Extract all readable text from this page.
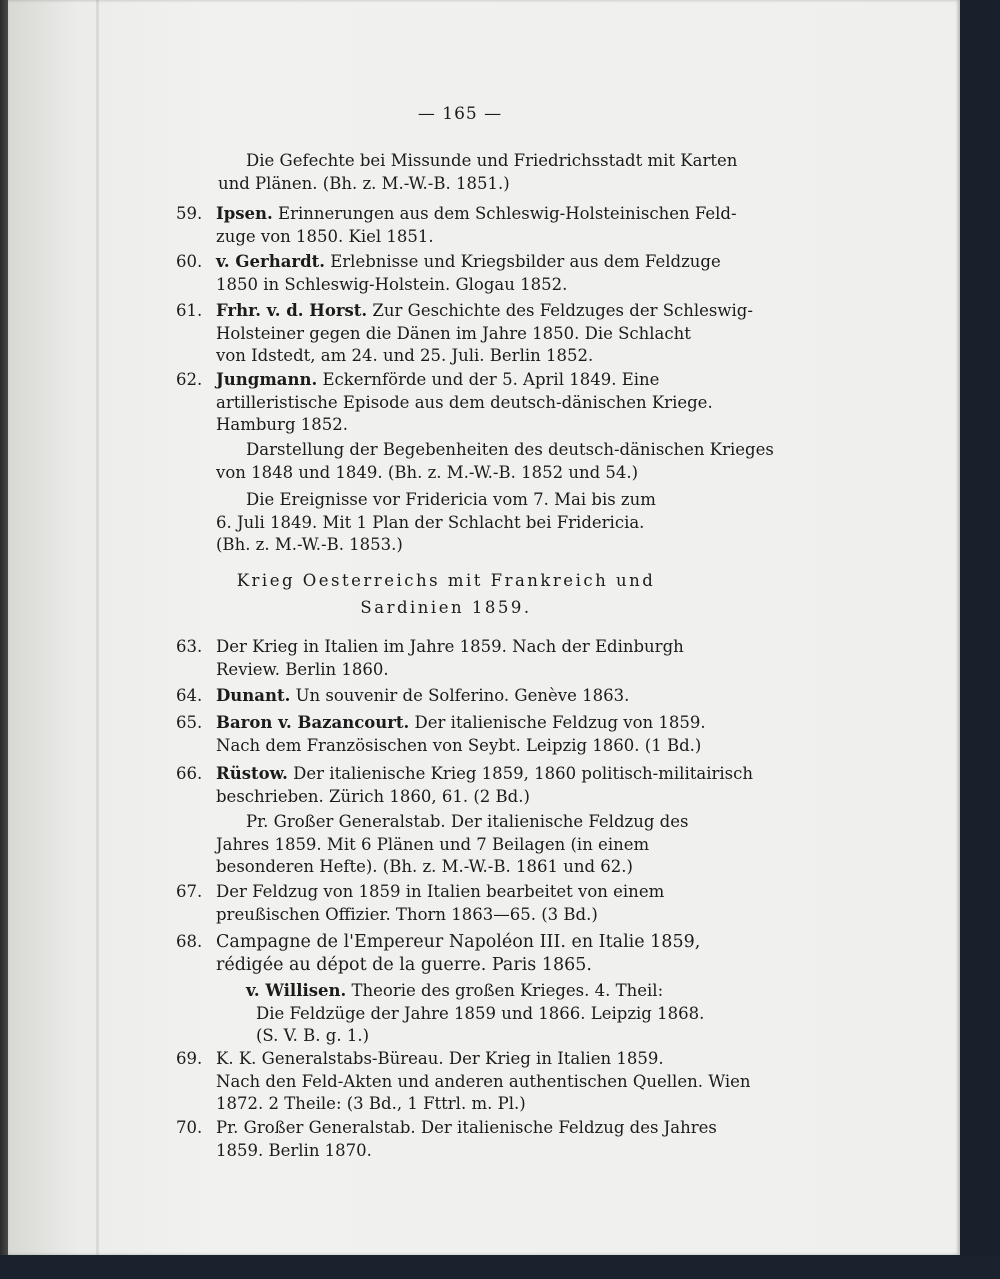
— 165 —
Die Gefechte bei Missunde und Friedrichsstadt mit Karten
und Plänen. (Bh. z. M.-W.-B. 1851.)
59. Ipsen. Erinnerungen aus dem Schleswig-Holsteinischen Feld-
zuge von 1850. Kiel 1851.
60. v. Gerhardt. Erlebnisse und Kriegsbilder aus dem Feldzuge
1850 in Schleswig-Holstein. Glogau 1852.
61. Frhr. v. d. Horst. Zur Geschichte des Feldzuges der Schleswig-
Holsteiner gegen die Dänen im Jahre 1850. Die Schlacht
von Idstedt, am 24. und 25. Juli. Berlin 1852.
62. Jungmann. Eckernförde und der 5. April 1849. Eine
artilleristische Episode aus dem deutsch-dänischen Kriege.
Hamburg 1852.
Darstellung der Begebenheiten des deutsch-dänischen Krieges
von 1848 und 1849. (Bh. z. M.-W.-B. 1852 und 54.)
Die Ereignisse vor Fridericia vom 7. Mai bis zum
6. Juli 1849. Mit 1 Plan der Schlacht bei Fridericia.
(Bh. z. M.-W.-B. 1853.)
Krieg Oesterreichs mit Frankreich und
Sardinien 1859.
63. Der Krieg in Italien im Jahre 1859. Nach der Edinburgh
Review. Berlin 1860.
64. Dunant. Un souvenir de Solferino. Genève 1863.
65. Baron v. Bazancourt. Der italienische Feldzug von 1859.
Nach dem Französischen von Seybt. Leipzig 1860. (1 Bd.)
66. Rüstow. Der italienische Krieg 1859, 1860 politisch-militairisch
beschrieben. Zürich 1860, 61. (2 Bd.)
Pr. Großer Generalstab. Der italienische Feldzug des
Jahres 1859. Mit 6 Plänen und 7 Beilagen (in einem
besonderen Hefte). (Bh. z. M.-W.-B. 1861 und 62.)
67. Der Feldzug von 1859 in Italien bearbeitet von einem
preußischen Offizier. Thorn 1863—65. (3 Bd.)
68. Campagne de l'Empereur Napoléon III. en Italie 1859,
rédigée au dépot de la guerre. Paris 1865.
v. Willisen. Theorie des großen Krieges. 4. Theil:
Die Feldzüge der Jahre 1859 und 1866. Leipzig 1868.
(S. V. B. g. 1.)
69. K. K. Generalstabs-Büreau. Der Krieg in Italien 1859.
Nach den Feld-Akten und anderen authentischen Quellen. Wien
1872. 2 Theile: (3 Bd., 1 Fttrl. m. Pl.)
70. Pr. Großer Generalstab. Der italienische Feldzug des Jahres
1859. Berlin 1870.
